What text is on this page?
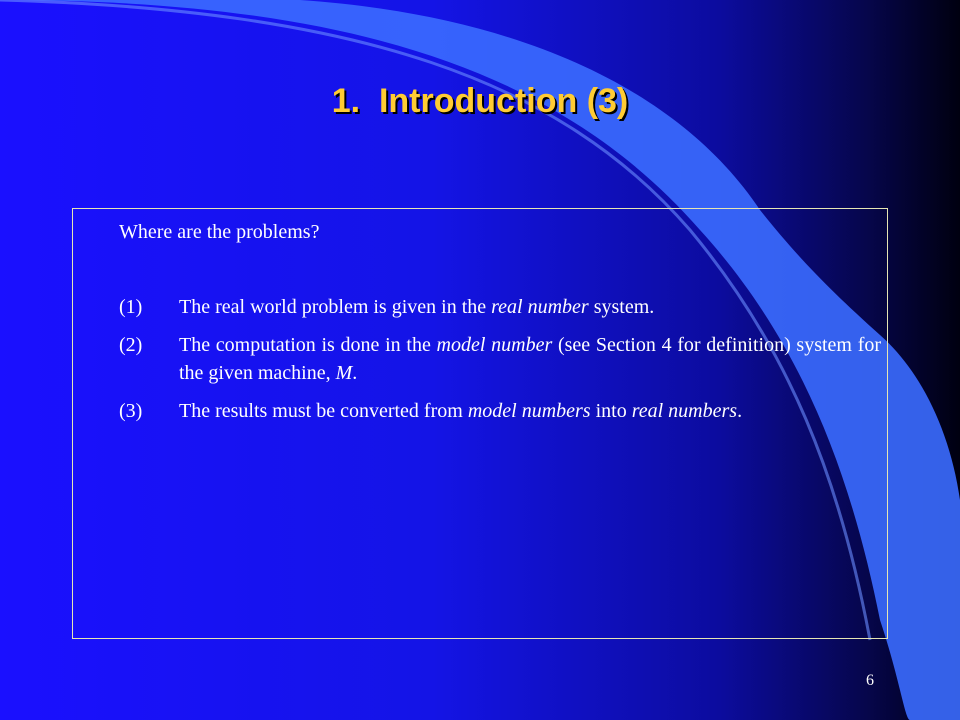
1.  Introduction (3)
Where are the problems?
(1) The real world problem is given in the real number system.
(2) The computation is done in the model number (see Section 4 for definition) system for the given machine, M.
(3) The results must be converted from model numbers into real numbers.
6
